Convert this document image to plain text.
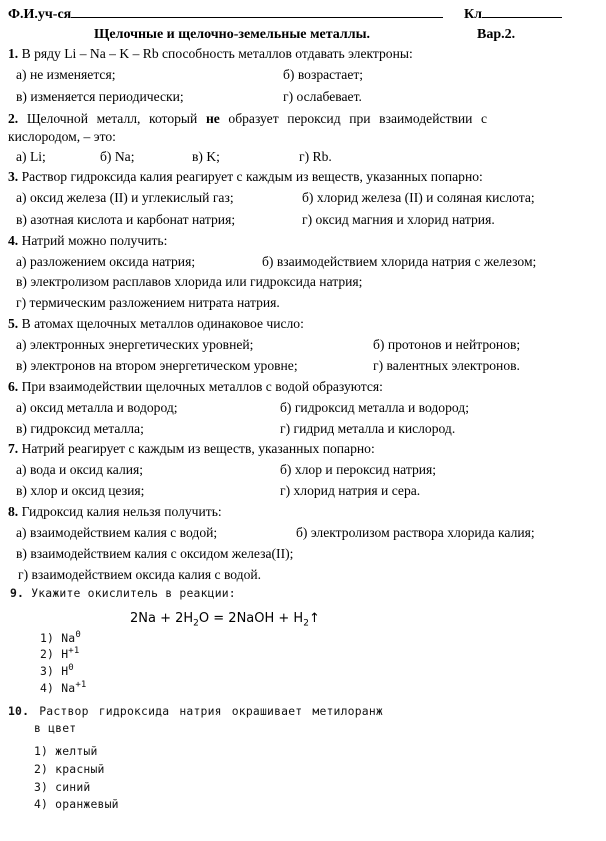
Ф.И.уч-ся	Кл
Щелочные и щелочно-земельные металлы.	Вар.2.
1. В ряду Li – Na – K – Rb способность металлов отдавать электроны:
а) не изменяется;	б) возрастает;
в) изменяется периодически;	г) ослабевает.
2. Щелочной металл, который не образует пероксид при взаимодействии с
кислородом, – это:
а) Li;	б) Na;	в) K;	г) Rb.
3. Раствор гидроксида калия реагирует с каждым из веществ, указанных попарно:
а) оксид железа (II) и углекислый газ;	б) хлорид железа (II) и соляная кислота;
в) азотная кислота и карбонат натрия;	г) оксид магния и хлорид натрия.
4. Натрий можно получить:
а) разложением оксида натрия;	б) взаимодействием хлорида натрия с железом;
в) электролизом расплавов хлорида или гидроксида натрия;
г) термическим разложением нитрата натрия.
5. В атомах щелочных металлов одинаковое число:
а) электронных энергетических уровней;	б) протонов и нейтронов;
в) электронов на втором энергетическом уровне;	г) валентных электронов.
6. При взаимодействии щелочных металлов с водой образуются:
а) оксид металла и водород;	б) гидроксид металла и водород;
в) гидроксид металла;	г) гидрид металла и кислород.
7. Натрий реагирует с каждым из веществ, указанных попарно:
а) вода и оксид калия;	б) хлор и пероксид натрия;
в) хлор и оксид цезия;	г) хлорид натрия и сера.
8. Гидроксид калия нельзя получить:
а) взаимодействием калия с водой;	б) электролизом раствора хлорида калия;
в) взаимодействием калия с оксидом железа(II);
г) взаимодействием оксида калия с водой.
9. Укажите окислитель в реакции:
$2Na + 2H_2O$ = 2NaOH + $H_2↑$
1) Na$^0$
2) $H^{+1}$
3) $H^0$
4) $Na^{+1}$
10. Раствор гидроксида натрия окрашивает метилоранж
в цвет
1) желтый
2) красный
3) синий
4) оранжевый
